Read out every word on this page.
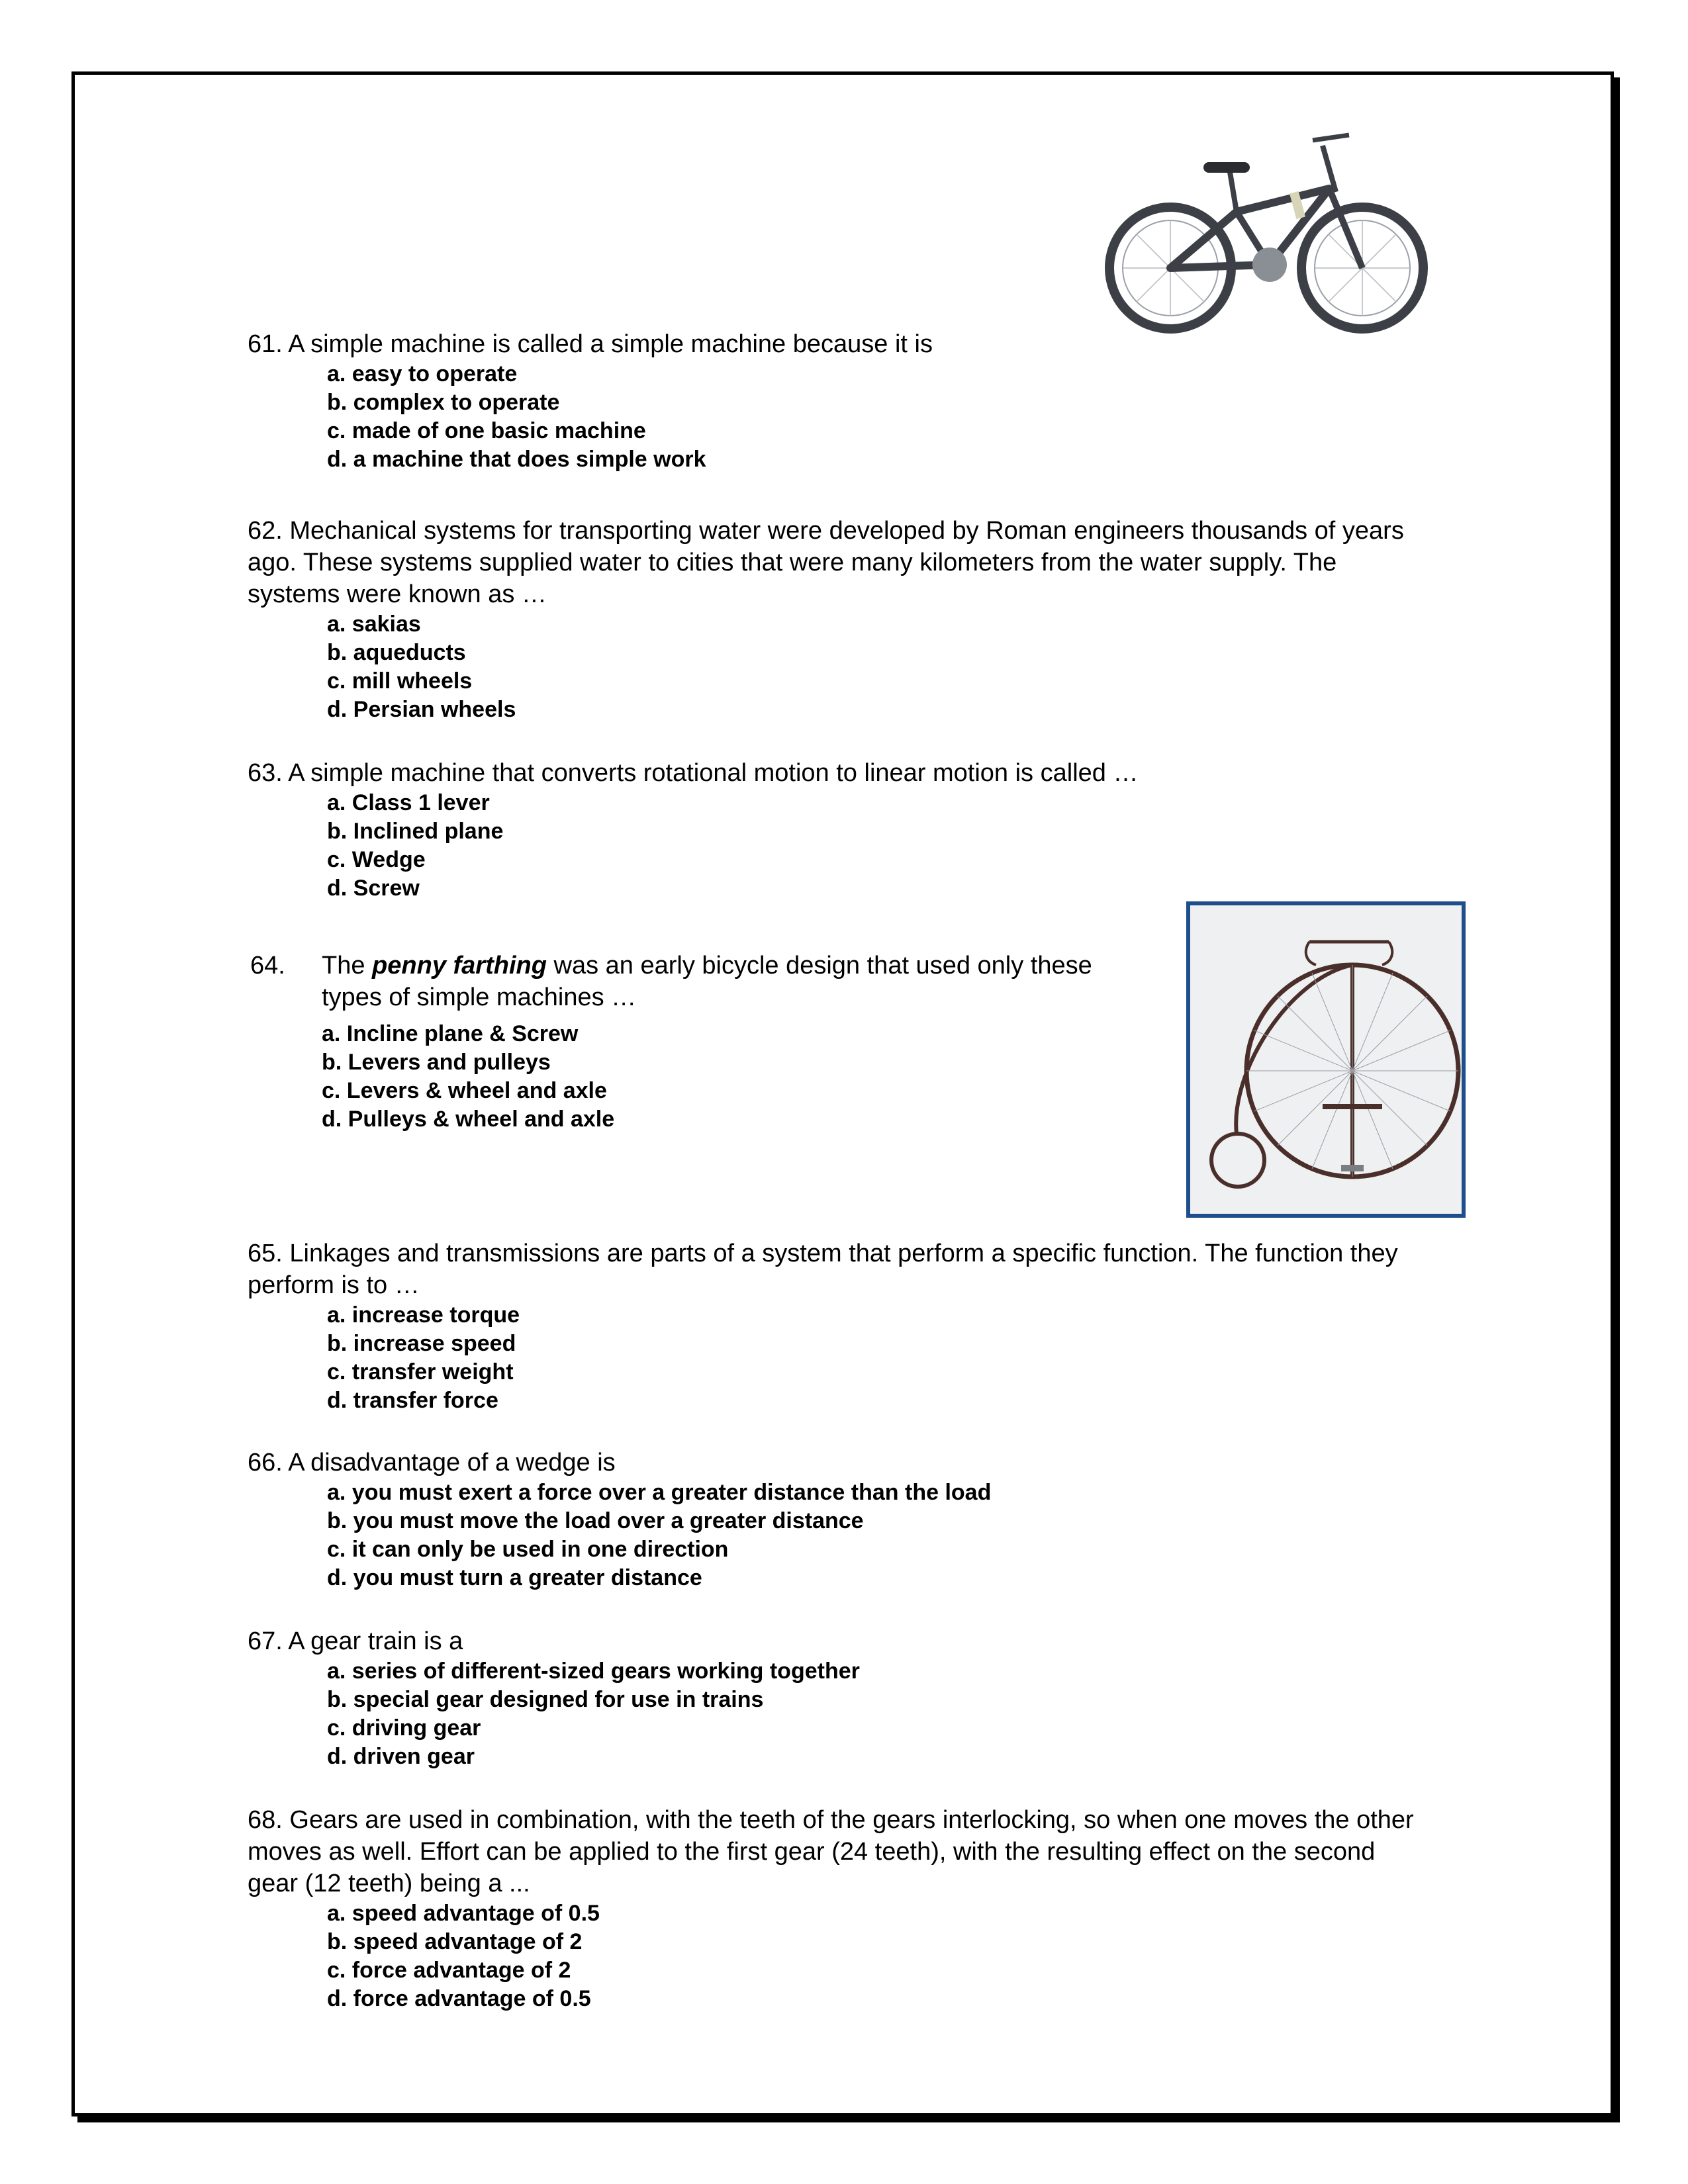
61. A simple machine is called a simple machine because it is

a. easy to operate
b. complex to operate
c. made of one basic machine
d. a machine that does simple work

62. Mechanical systems for transporting water were developed by Roman engineers thousands of years ago. These systems supplied water to cities that were many kilometers from the water supply. The systems were known as …

a. sakias
b. aqueducts
c. mill wheels
d. Persian wheels

63. A simple machine that converts rotational motion to linear motion is called …

a. Class 1 lever
b. Inclined plane
c. Wedge
d. Screw
64. The penny farthing was an early bicycle design that used only these types of simple machines …

a. Incline plane & Screw
b. Levers and pulleys
c. Levers & wheel and axle
d. Pulleys & wheel and axle

65. Linkages and transmissions are parts of a system that perform a specific function. The function they perform is to …

a. increase torque
b. increase speed
c. transfer weight
d. transfer force

66. A disadvantage of a wedge is

a. you must exert a force over a greater distance than the load
b. you must move the load over a greater distance
c. it can only be used in one direction
d. you must turn a greater distance

67. A gear train is a

a. series of different-sized gears working together
b. special gear designed for use in trains
c. driving gear
d. driven gear

68. Gears are used in combination, with the teeth of the gears interlocking, so when one moves the other moves as well. Effort can be applied to the first gear (24 teeth), with the resulting effect on the second gear (12 teeth) being a ...

a. speed advantage of 0.5
b. speed advantage of 2
c. force advantage of 2
d. force advantage of 0.5
